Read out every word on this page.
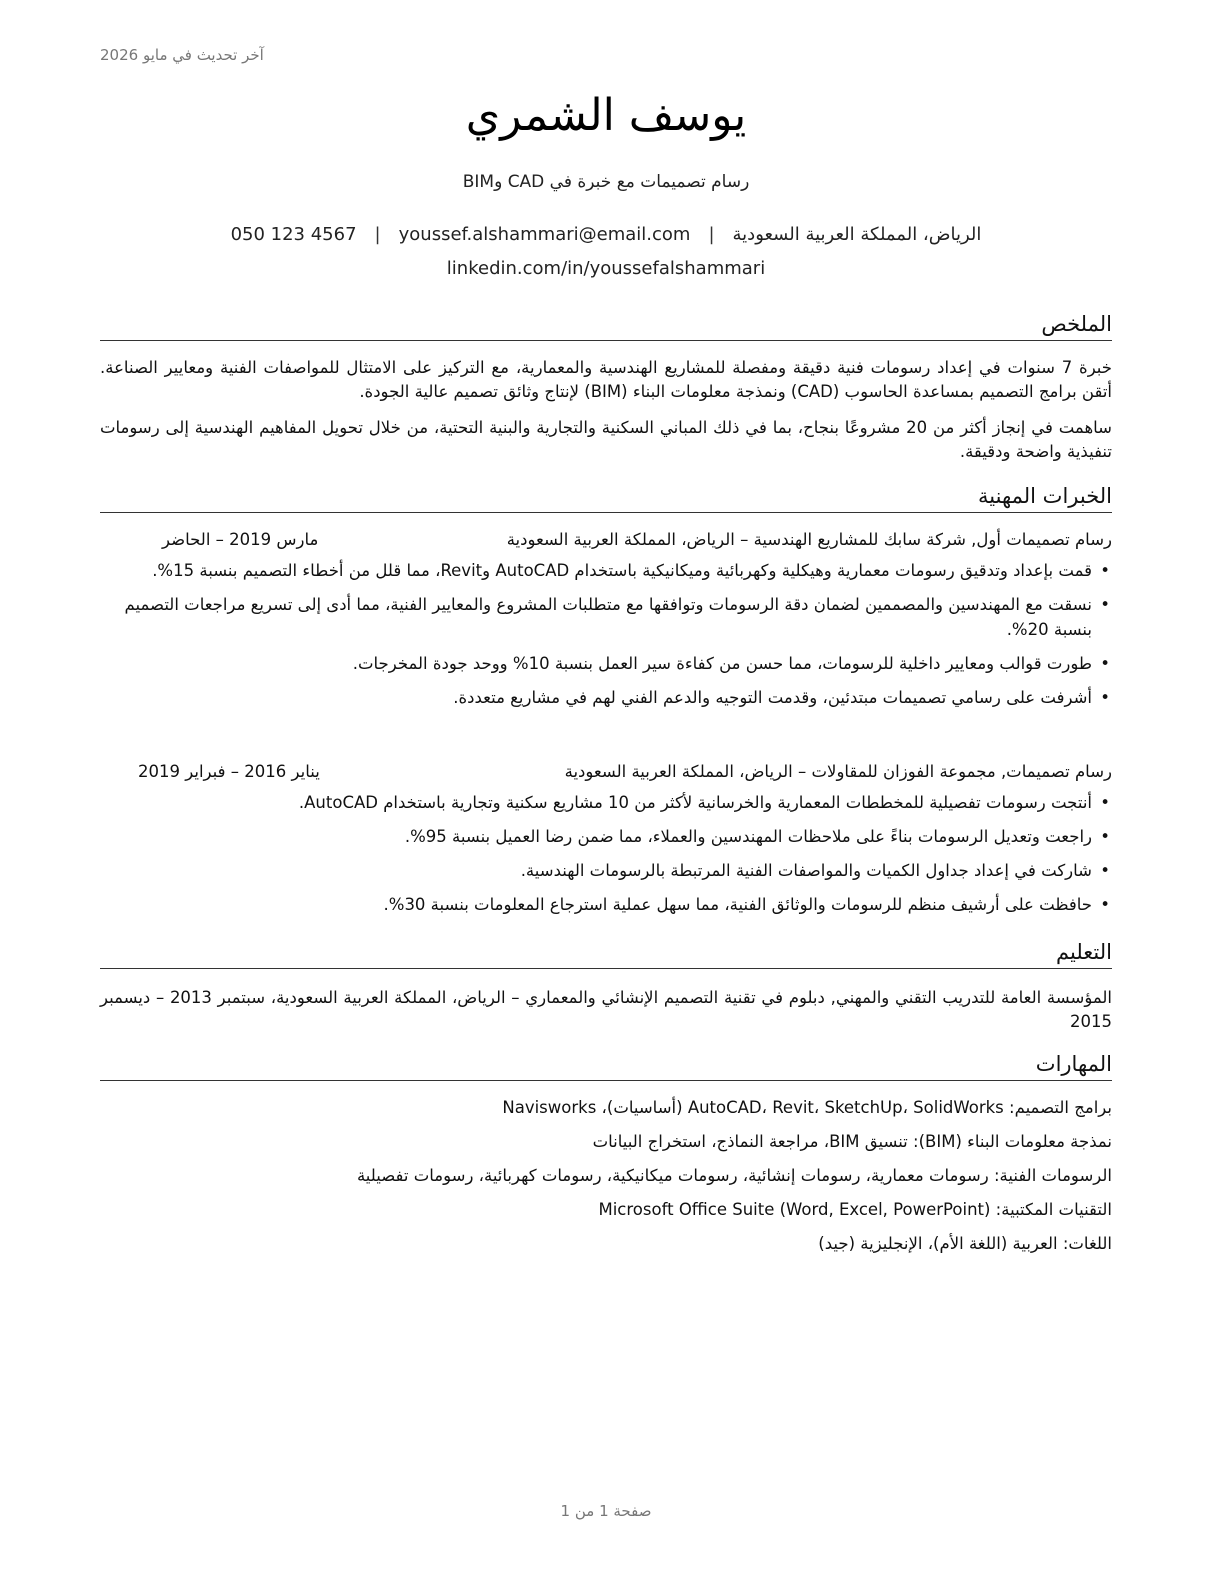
آخر تحديث في مايو 2026
يوسف الشمري
رسام تصميمات مع خبرة في CAD وBIM
الرياض، المملكة العربية السعودية|youssef.alshammari@email.com|050 123 4567
linkedin.com/in/youssefalshammari
الملخص
خبرة 7 سنوات في إعداد رسومات فنية دقيقة ومفصلة للمشاريع الهندسية والمعمارية، مع التركيز على الامتثال للمواصفات الفنية ومعايير الصناعة. أتقن برامج التصميم بمساعدة الحاسوب (CAD) ونمذجة معلومات البناء (BIM) لإنتاج وثائق تصميم عالية الجودة.
ساهمت في إنجاز أكثر من 20 مشروعًا بنجاح، بما في ذلك المباني السكنية والتجارية والبنية التحتية، من خلال تحويل المفاهيم الهندسية إلى رسومات تنفيذية واضحة ودقيقة.
الخبرات المهنية
رسام تصميمات أول, شركة سابك للمشاريع الهندسية – الرياض، المملكة العربية السعودية
مارس 2019 – الحاضر
• قمت بإعداد وتدقيق رسومات معمارية وهيكلية وكهربائية وميكانيكية باستخدام AutoCAD وRevit، مما قلل من أخطاء التصميم بنسبة 15%.
• نسقت مع المهندسين والمصممين لضمان دقة الرسومات وتوافقها مع متطلبات المشروع والمعايير الفنية، مما أدى إلى تسريع مراجعات التصميم بنسبة 20%.
• طورت قوالب ومعايير داخلية للرسومات، مما حسن من كفاءة سير العمل بنسبة 10% ووحد جودة المخرجات.
• أشرفت على رسامي تصميمات مبتدئين، وقدمت التوجيه والدعم الفني لهم في مشاريع متعددة.
رسام تصميمات, مجموعة الفوزان للمقاولات – الرياض، المملكة العربية السعودية
يناير 2016 – فبراير 2019
• أنتجت رسومات تفصيلية للمخططات المعمارية والخرسانية لأكثر من 10 مشاريع سكنية وتجارية باستخدام AutoCAD.
• راجعت وتعديل الرسومات بناءً على ملاحظات المهندسين والعملاء، مما ضمن رضا العميل بنسبة 95%.
• شاركت في إعداد جداول الكميات والمواصفات الفنية المرتبطة بالرسومات الهندسية.
• حافظت على أرشيف منظم للرسومات والوثائق الفنية، مما سهل عملية استرجاع المعلومات بنسبة 30%.
التعليم
المؤسسة العامة للتدريب التقني والمهني, دبلوم في تقنية التصميم الإنشائي والمعماري – الرياض، المملكة العربية السعودية، سبتمبر 2013 – ديسمبر 2015
المهارات
برامج التصميم: AutoCAD، Revit، SketchUp، SolidWorks (أساسيات)، Navisworks
نمذجة معلومات البناء (BIM): تنسيق BIM، مراجعة النماذج، استخراج البيانات
الرسومات الفنية: رسومات معمارية، رسومات إنشائية، رسومات ميكانيكية، رسومات كهربائية، رسومات تفصيلية
التقنيات المكتبية: Microsoft Office Suite (Word, Excel, PowerPoint)
اللغات: العربية (اللغة الأم)، الإنجليزية (جيد)
صفحة 1 من 1
